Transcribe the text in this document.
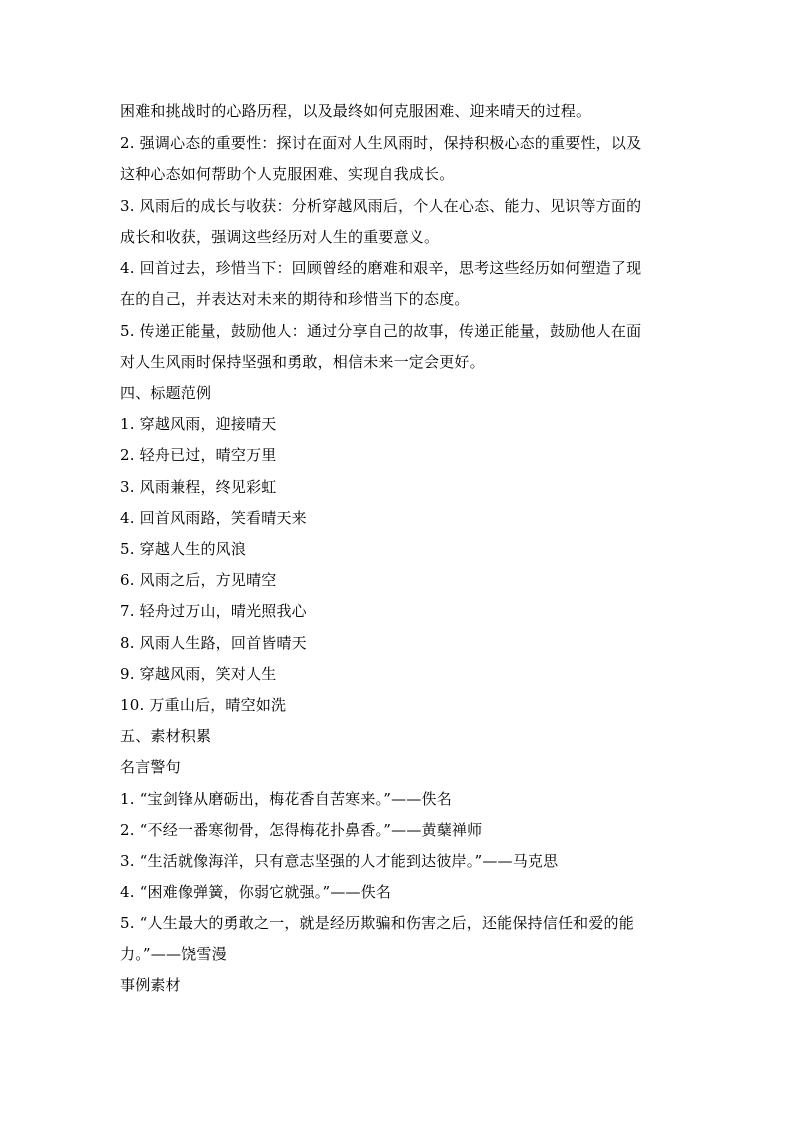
困难和挑战时的心路历程，以及最终如何克服困难、迎来晴天的过程。
2. 强调心态的重要性：探讨在面对人生风雨时，保持积极心态的重要性，以及
这种心态如何帮助个人克服困难、实现自我成长。
3. 风雨后的成长与收获：分析穿越风雨后，个人在心态、能力、见识等方面的
成长和收获，强调这些经历对人生的重要意义。
4. 回首过去，珍惜当下：回顾曾经的磨难和艰辛，思考这些经历如何塑造了现
在的自己，并表达对未来的期待和珍惜当下的态度。
5. 传递正能量，鼓励他人：通过分享自己的故事，传递正能量，鼓励他人在面
对人生风雨时保持坚强和勇敢，相信未来一定会更好。
四、标题范例
1. 穿越风雨，迎接晴天
2. 轻舟已过，晴空万里
3. 风雨兼程，终见彩虹
4. 回首风雨路，笑看晴天来
5. 穿越人生的风浪
6. 风雨之后，方见晴空
7. 轻舟过万山，晴光照我心
8. 风雨人生路，回首皆晴天
9. 穿越风雨，笑对人生
10. 万重山后，晴空如洗
五、素材积累
名言警句
1. “宝剑锋从磨砺出，梅花香自苦寒来。”——佚名
2. “不经一番寒彻骨，怎得梅花扑鼻香。”——黄蘖禅师
3. “生活就像海洋，只有意志坚强的人才能到达彼岸。”——马克思
4. “困难像弹簧，你弱它就强。”——佚名
5. “人生最大的勇敢之一，就是经历欺骗和伤害之后，还能保持信任和爱的能
力。”——饶雪漫
事例素材
